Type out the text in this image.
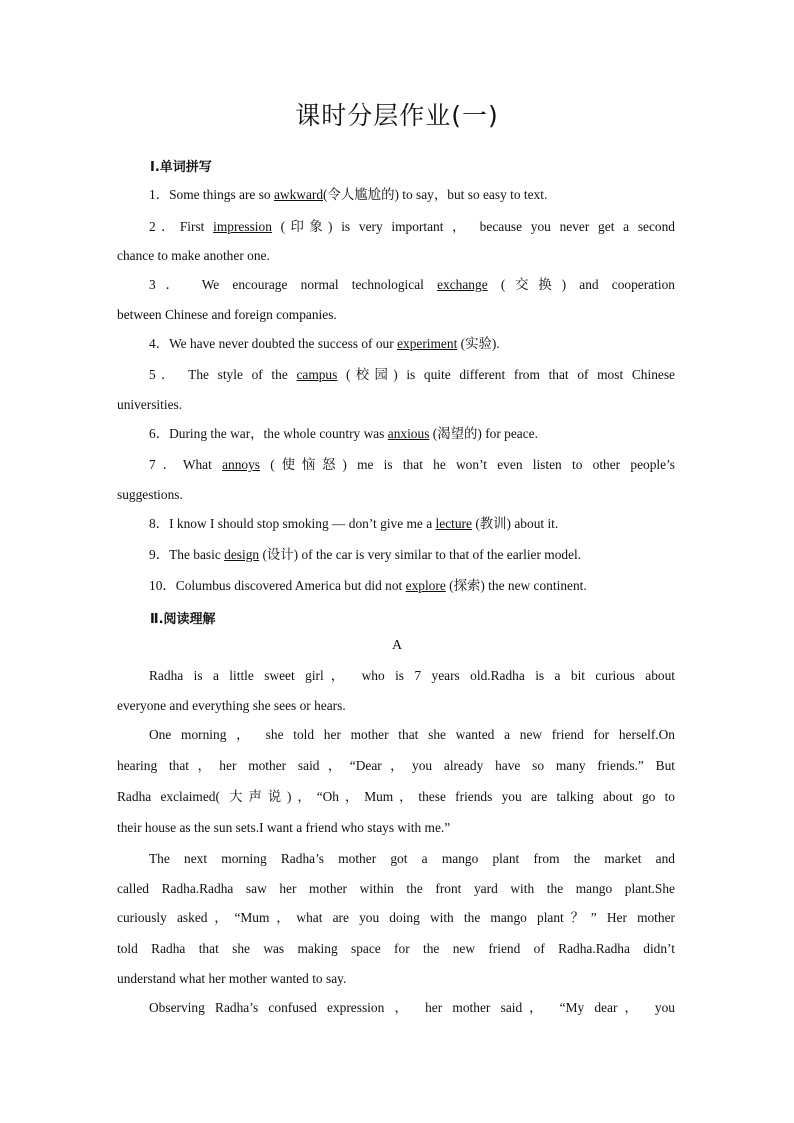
课时分层作业(一)
Ⅰ.单词拼写
1．Some things are so awkward(令人尴尬的) to say，but so easy to text.
2．First impression (印象) is very important ， because you never get a second
chance to make another one.
3． We encourage normal technological exchange (交换) and cooperation
between Chinese and foreign companies.
4．We have never doubted the success of our experiment (实验).
5． The style of the campus (校园) is quite different from that of most Chinese
universities.
6．During the war，the whole country was anxious (渴望的) for peace.
7．What annoys (使恼怒) me is that he won’t even listen to other people’s
suggestions.
8．I know I should stop smoking — don’t give me a lecture (教训) about it.
9．The basic design (设计) of the car is very similar to that of the earlier model.
10．Columbus discovered America but did not explore (探索) the new continent.
Ⅱ.阅读理解
A
Radha is a little sweet girl， who is 7 years old.Radha is a bit curious about
everyone and everything she sees or hears.
One morning ， she told her mother that she wanted a new friend for herself.On
hearing that，her mother said，“Dear，you already have so many friends.” But
Radha exclaimed( 大声说)，“Oh，Mum，these friends you are talking about go to
their house as the sun sets.I want a friend who stays with me.”
The next morning Radha’s mother got a mango plant from the market and
called Radha.Radha saw her mother within the front yard with the mango plant.She
curiously asked，“Mum，what are you doing with the mango plant？” Her mother
told Radha that she was making space for the new friend of Radha.Radha didn’t
understand what her mother wanted to say.
Observing Radha’s confused expression ， her mother said， “My dear， you
